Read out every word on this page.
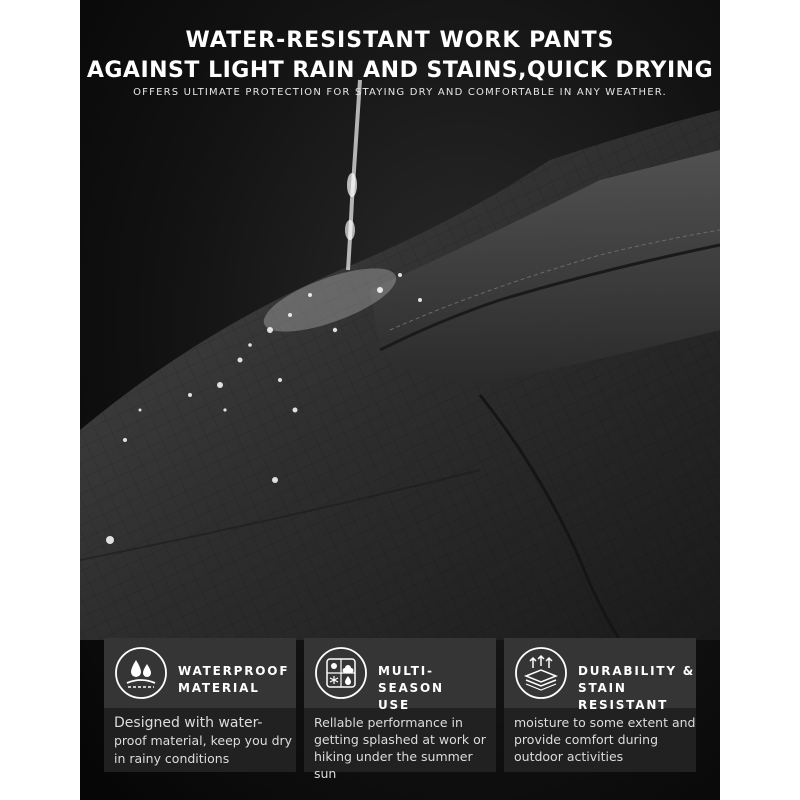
WATER-RESISTANT WORK PANTS
AGAINST LIGHT RAIN AND STAINS,QUICK DRYING

OFFERS ULTIMATE PROTECTION FOR STAYING DRY AND COMFORTABLE IN ANY WEATHER.

WATERPROOF
MATERIAL

Designed with water-
proof material, keep you dry in rainy conditions

MULTI-SEASON
USE

Rellable performance in getting splashed at work or hiking under the summer sun

DURABILITY &
STAIN RESISTANT

moisture to some extent and provide comfort during outdoor activities
